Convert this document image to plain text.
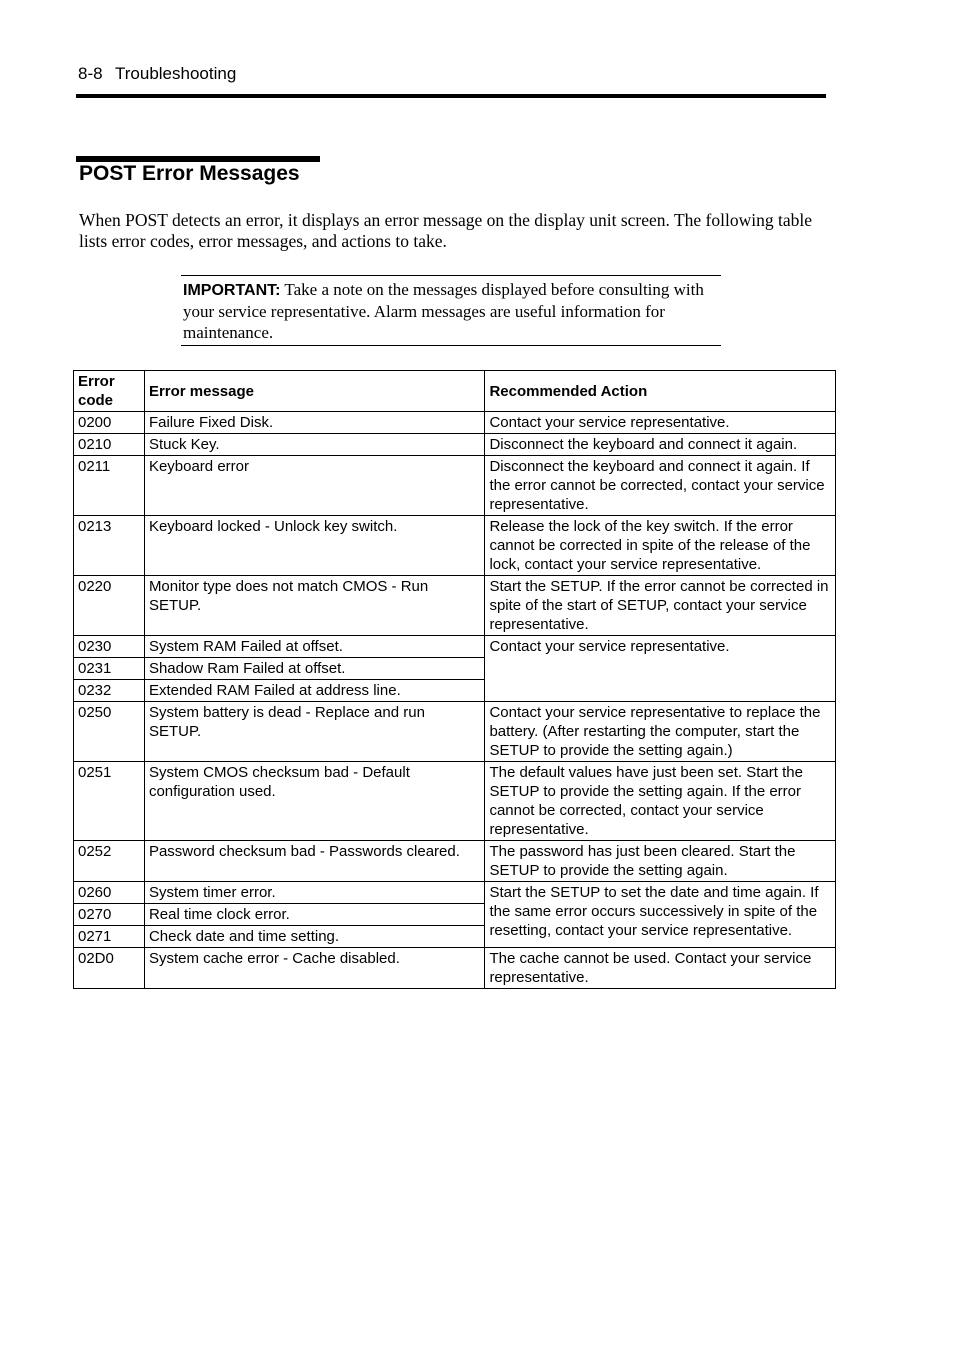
8-8 Troubleshooting
POST Error Messages

When POST detects an error, it displays an error message on the display unit screen. The following table lists error codes, error messages, and actions to take.

IMPORTANT: Take a note on the messages displayed before consulting with your service representative. Alarm messages are useful information for maintenance.
Error
code	Error message	Recommended Action
0200	Failure Fixed Disk.	Contact your service representative.
0210	Stuck Key.	Disconnect the keyboard and connect it again.
0211	Keyboard error	Disconnect the keyboard and connect it again. If the error cannot be corrected, contact your service representative.
0213	Keyboard locked - Unlock key switch.	Release the lock of the key switch. If the error cannot be corrected in spite of the release of the lock, contact your service representative.
0220	Monitor type does not match CMOS - Run SETUP.	Start the SETUP. If the error cannot be corrected in spite of the start of SETUP, contact your service representative.
0230	System RAM Failed at offset.	Contact your service representative.
0231	Shadow Ram Failed at offset.	
0232	Extended RAM Failed at address line.	
0250	System battery is dead - Replace and run SETUP.	Contact your service representative to replace the battery. (After restarting the computer, start the SETUP to provide the setting again.)
0251	System CMOS checksum bad - Default configuration used.	The default values have just been set. Start the SETUP to provide the setting again. If the error cannot be corrected, contact your service representative.
0252	Password checksum bad - Passwords cleared.	The password has just been cleared. Start the SETUP to provide the setting again.
0260	System timer error.	Start the SETUP to set the date and time again. If the same error occurs successively in spite of the resetting, contact your service representative.
0270	Real time clock error.	
0271	Check date and time setting.	
02D0	System cache error - Cache disabled.	The cache cannot be used. Contact your service representative.
